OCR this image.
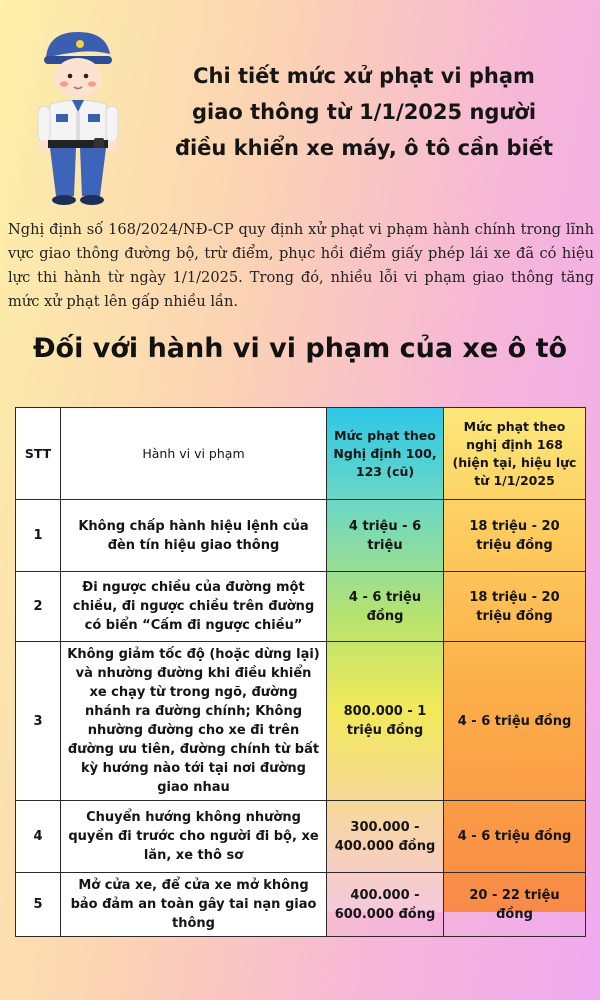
Chi tiết mức xử phạt vi phạm
giao thông từ 1/1/2025 người
điều khiển xe máy, ô tô cần biết
Nghị định số 168/2024/NĐ-CP quy định xử phạt vi phạm hành chính trong lĩnh vực giao thông đường bộ, trừ điểm, phục hồi điểm giấy phép lái xe đã có hiệu lực thi hành từ ngày 1/1/2025. Trong đó, nhiều lỗi vi phạm giao thông tăng mức xử phạt lên gấp nhiều lần.
Đối với hành vi vi phạm của xe ô tô
STT	Hành vi vi phạm	Mức phạt theo Nghị định 100, 123 (cũ)	Mức phạt theo nghị định 168 (hiện tại, hiệu lực từ 1/1/2025
1	Không chấp hành hiệu lệnh của đèn tín hiệu giao thông	4 triệu - 6 triệu	18 triệu - 20 triệu đồng
2	Đi ngược chiều của đường một chiều, đi ngược chiều trên đường có biển “Cấm đi ngược chiều”	4 - 6 triệu đồng	18 triệu - 20 triệu đồng
3	Không giảm tốc độ (hoặc dừng lại) và nhường đường khi điều khiển xe chạy từ trong ngõ, đường nhánh ra đường chính; Không nhường đường cho xe đi trên đường ưu tiên, đường chính từ bất kỳ hướng nào tới tại nơi đường giao nhau	800.000 - 1 triệu đồng	4 - 6 triệu đồng
4	Chuyển hướng không nhường quyền đi trước cho người đi bộ, xe lăn, xe thô sơ	300.000 - 400.000 đồng	4 - 6 triệu đồng
5	Mở cửa xe, để cửa xe mở không bảo đảm an toàn gây tai nạn giao thông	400.000 - 600.000 đồng	20 - 22 triệu đồng
